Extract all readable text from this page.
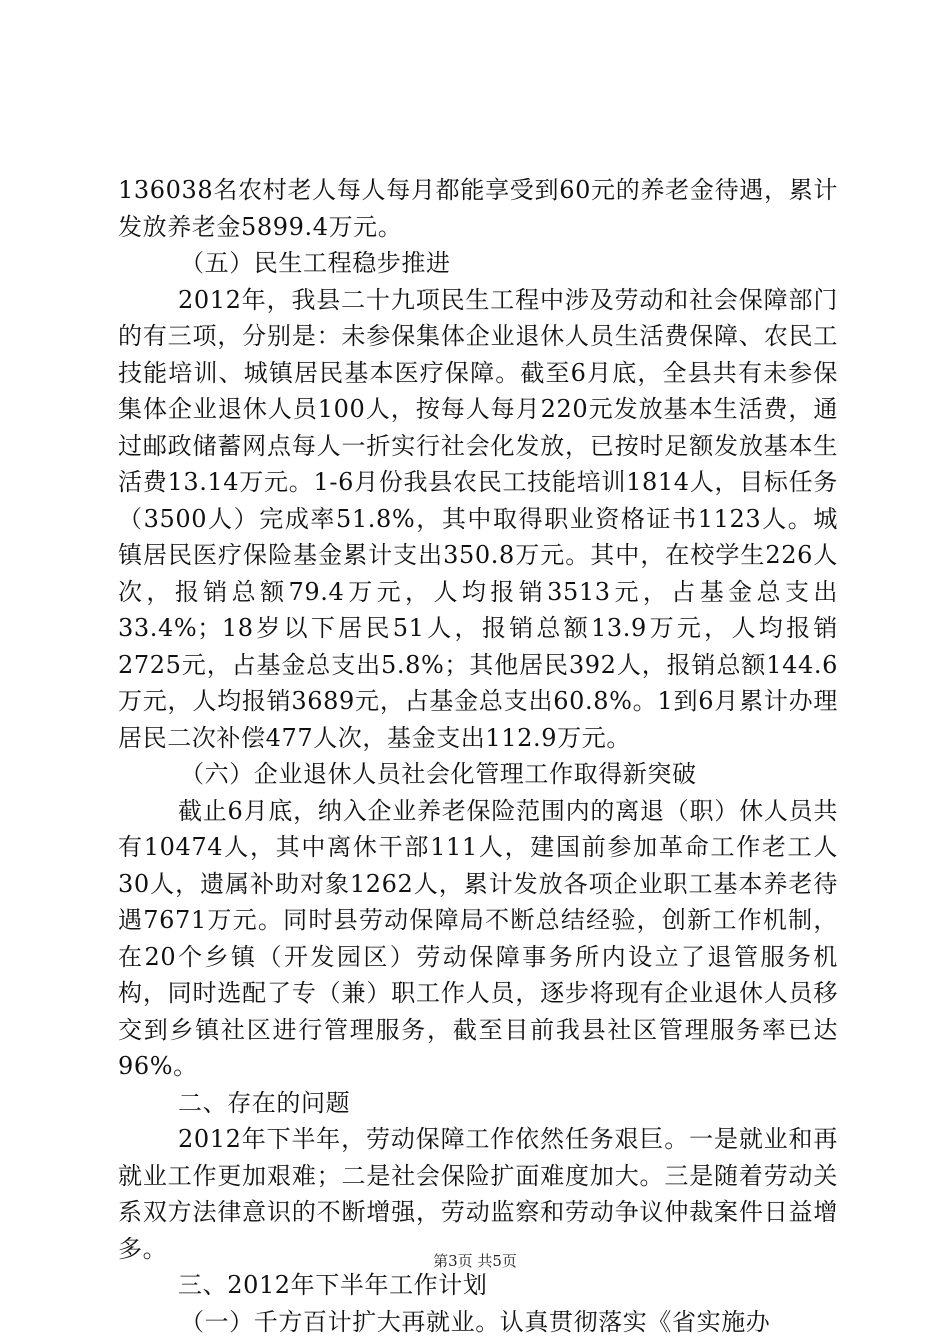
136038名农村老人每人每月都能享受到60元的养老金待遇，累计发放养老金5899.4万元。

（五）民生工程稳步推进

2012年，我县二十九项民生工程中涉及劳动和社会保障部门的有三项，分别是：未参保集体企业退休人员生活费保障、农民工技能培训、城镇居民基本医疗保障。截至6月底，全县共有未参保集体企业退休人员100人，按每人每月220元发放基本生活费，通过邮政储蓄网点每人一折实行社会化发放，已按时足额发放基本生活费13.14万元。1-6月份我县农民工技能培训1814人，目标任务（3500人）完成率51.8%，其中取得职业资格证书1123人。城镇居民医疗保险基金累计支出350.8万元。其中，在校学生226人次，报销总额79.4万元，人均报销3513元，占基金总支出33.4%；18岁以下居民51人，报销总额13.9万元，人均报销2725元，占基金总支出5.8%；其他居民392人，报销总额144.6万元，人均报销3689元，占基金总支出60.8%。1到6月累计办理居民二次补偿477人次，基金支出112.9万元。

（六）企业退休人员社会化管理工作取得新突破

截止6月底，纳入企业养老保险范围内的离退（职）休人员共有10474人，其中离休干部111人，建国前参加革命工作老工人30人，遗属补助对象1262人，累计发放各项企业职工基本养老待遇7671万元。同时县劳动保障局不断总结经验，创新工作机制，在20个乡镇（开发园区）劳动保障事务所内设立了退管服务机构，同时选配了专（兼）职工作人员，逐步将现有企业退休人员移交到乡镇社区进行管理服务，截至目前我县社区管理服务率已达96%。

二、存在的问题

2012年下半年，劳动保障工作依然任务艰巨。一是就业和再就业工作更加艰难；二是社会保险扩面难度加大。三是随着劳动关系双方法律意识的不断增强，劳动监察和劳动争议仲裁案件日益增多。

三、2012年下半年工作计划

（一）千方百计扩大再就业。认真贯彻落实《省实施办

第3页 共5页
